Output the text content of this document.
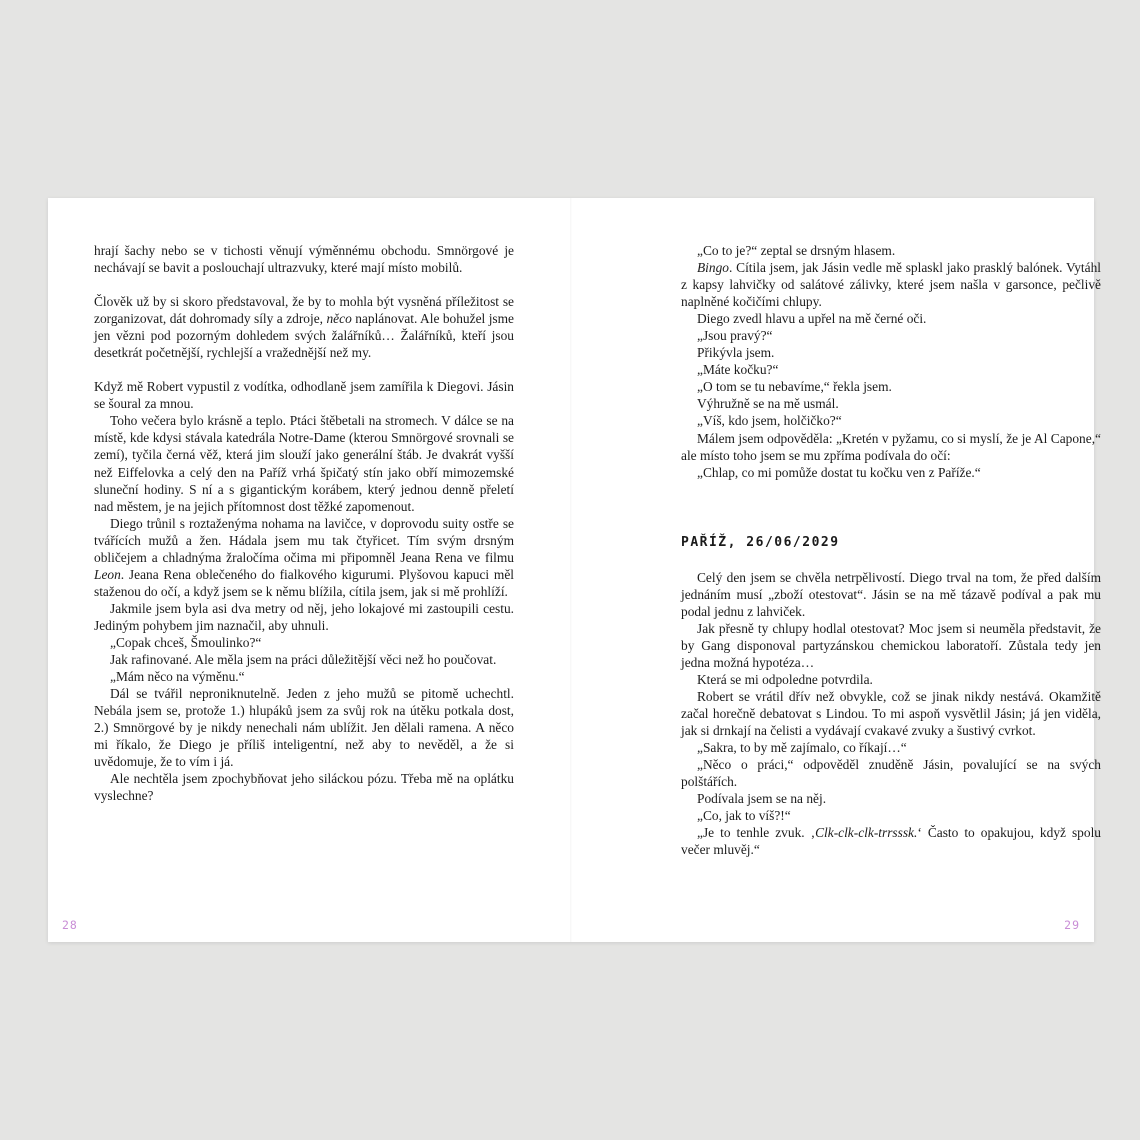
hrají šachy nebo se v tichosti věnují výměnnému obchodu. Smnörgové je nechávají se bavit a poslouchají ultrazvuky, které mají místo mobilů.

Člověk už by si skoro představoval, že by to mohla být vysněná příležitost se zorganizovat, dát dohromady síly a zdroje, něco naplánovat. Ale bohužel jsme jen vězni pod pozorným dohledem svých žalářníků… Žalářníků, kteří jsou desetkrát početnější, rychlejší a vražednější než my.

Když mě Robert vypustil z vodítka, odhodlaně jsem zamířila k Diegovi. Jásin se šoural za mnou.

Toho večera bylo krásně a teplo. Ptáci štěbetali na stromech. V dálce se na místě, kde kdysi stávala katedrála Notre-Dame (kterou Smnörgové srovnali se zemí), tyčila černá věž, která jim slouží jako generální štáb. Je dvakrát vyšší než Eiffelovka a celý den na Paříž vrhá špičatý stín jako obří mimozemské sluneční hodiny. S ní a s gigantickým korábem, který jednou denně přeletí nad městem, je na jejich přítomnost dost těžké zapomenout.

Diego trůnil s roztaženýma nohama na lavičce, v doprovodu suity ostře se tvářících mužů a žen. Hádala jsem mu tak čtyřicet. Tím svým drsným obličejem a chladnýma žraločíma očima mi připomněl Jeana Rena ve filmu Leon. Jeana Rena oblečeného do fialkového kigurumi. Plyšovou kapuci měl staženou do očí, a když jsem se k němu blížila, cítila jsem, jak si mě prohlíží.

Jakmile jsem byla asi dva metry od něj, jeho lokajové mi zastoupili cestu. Jediným pohybem jim naznačil, aby uhnuli.

„Copak chceš, Šmoulinko?“

Jak rafinované. Ale měla jsem na práci důležitější věci než ho poučovat.

„Mám něco na výměnu.“

Dál se tvářil neproniknutelně. Jeden z jeho mužů se pitomě uchechtl. Nebála jsem se, protože 1.) hlupáků jsem za svůj rok na útěku potkala dost, 2.) Smnörgové by je nikdy nenechali nám ublížit. Jen dělali ramena. A něco mi říkalo, že Diego je příliš inteligentní, než aby to nevěděl, a že si uvědomuje, že to vím i já.

Ale nechtěla jsem zpochybňovat jeho siláckou pózu. Třeba mě na oplátku vyslechne?

28

„Co to je?“ zeptal se drsným hlasem.

Bingo. Cítila jsem, jak Jásin vedle mě splaskl jako prasklý balónek. Vytáhl z kapsy lahvičky od salátové zálivky, které jsem našla v garsonce, pečlivě naplněné kočičími chlupy.

Diego zvedl hlavu a upřel na mě černé oči.

„Jsou pravý?“

Přikývla jsem.

„Máte kočku?“

„O tom se tu nebavíme,“ řekla jsem.

Výhružně se na mě usmál.

„Víš, kdo jsem, holčičko?“

Málem jsem odpověděla: „Kretén v pyžamu, co si myslí, že je Al Capone,“ ale místo toho jsem se mu zpříma podívala do očí:

„Chlap, co mi pomůže dostat tu kočku ven z Paříže.“

PAŘÍŽ, 26/06/2029

Celý den jsem se chvěla netrpělivostí. Diego trval na tom, že před dalším jednáním musí „zboží otestovat“. Jásin se na mě tázavě podíval a pak mu podal jednu z lahviček.

Jak přesně ty chlupy hodlal otestovat? Moc jsem si neuměla představit, že by Gang disponoval partyzánskou chemickou laboratoří. Zůstala tedy jen jedna možná hypotéza…

Která se mi odpoledne potvrdila.

Robert se vrátil dřív než obvykle, což se jinak nikdy nestává. Okamžitě začal horečně debatovat s Lindou. To mi aspoň vysvětlil Jásin; já jen viděla, jak si drnkají na čelisti a vydávají cvakavé zvuky a šustivý cvrkot.

„Sakra, to by mě zajímalo, co říkají…“

„Něco o práci,“ odpověděl znuděně Jásin, povalující se na svých polštářích.

Podívala jsem se na něj.

„Co, jak to víš?!“

„Je to tenhle zvuk. ‚Clk-clk-clk-trrsssk.‘ Často to opakujou, když spolu večer mluvěj.“

29
